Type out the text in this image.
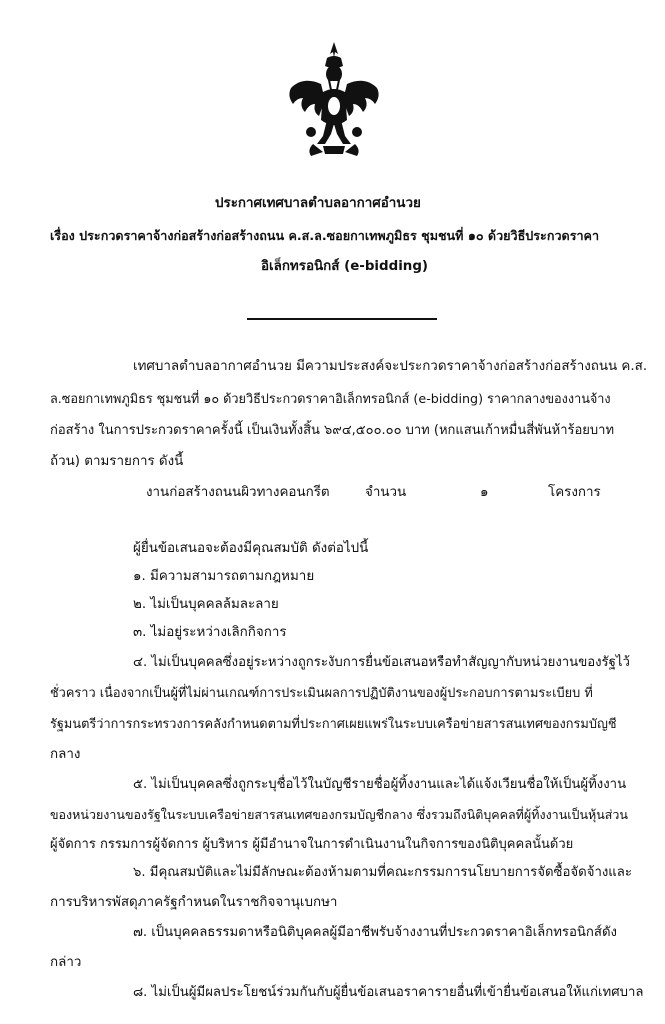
ประกาศเทศบาลตำบลอากาศอำนวย
เรื่อง ประกวดราคาจ้างก่อสร้างก่อสร้างถนน ค.ส.ล.ซอยกาเทพภูมิธร ชุมชนที่ ๑๐ ด้วยวิธีประกวดราคา
อิเล็กทรอนิกส์ (e-bidding)
เทศบาลตำบลอากาศอำนวย มีความประสงค์จะประกวดราคาจ้างก่อสร้างก่อสร้างถนน ค.ส.
ล.ซอยกาเทพภูมิธร ชุมชนที่ ๑๐ ด้วยวิธีประกวดราคาอิเล็กทรอนิกส์ (e-bidding) ราคากลางของงานจ้าง
ก่อสร้าง ในการประกวดราคาครั้งนี้ เป็นเงินทั้งสิ้น ๖๙๔,๕๐๐.๐๐ บาท (หกแสนเก้าหมื่นสี่พันห้าร้อยบาท
ถ้วน) ตามรายการ ดังนี้
งานก่อสร้างถนนผิวทางคอนกรีต	จำนวน	๑	โครงการ
ผู้ยื่นข้อเสนอจะต้องมีคุณสมบัติ ดังต่อไปนี้
๑. มีความสามารถตามกฎหมาย
๒. ไม่เป็นบุคคลล้มละลาย
๓. ไม่อยู่ระหว่างเลิกกิจการ
๔. ไม่เป็นบุคคลซึ่งอยู่ระหว่างถูกระงับการยื่นข้อเสนอหรือทำสัญญากับหน่วยงานของรัฐไว้
ชั่วคราว เนื่องจากเป็นผู้ที่ไม่ผ่านเกณฑ์การประเมินผลการปฏิบัติงานของผู้ประกอบการตามระเบียบ ที่
รัฐมนตรีว่าการกระทรวงการคลังกำหนดตามที่ประกาศเผยแพร่ในระบบเครือข่ายสารสนเทศของกรมบัญชี
กลาง
๕. ไม่เป็นบุคคลซึ่งถูกระบุชื่อไว้ในบัญชีรายชื่อผู้ทิ้งงานและได้แจ้งเวียนชื่อให้เป็นผู้ทิ้งงาน
ของหน่วยงานของรัฐในระบบเครือข่ายสารสนเทศของกรมบัญชีกลาง ซึ่งรวมถึงนิติบุคคลที่ผู้ทิ้งงานเป็นหุ้นส่วน
ผู้จัดการ กรรมการผู้จัดการ ผู้บริหาร ผู้มีอำนาจในการดำเนินงานในกิจการของนิติบุคคลนั้นด้วย
๖. มีคุณสมบัติและไม่มีลักษณะต้องห้ามตามที่คณะกรรมการนโยบายการจัดซื้อจัดจ้างและ
การบริหารพัสดุภาครัฐกำหนดในราชกิจจานุเบกษา
๗. เป็นบุคคลธรรมดาหรือนิติบุคคลผู้มีอาชีพรับจ้างงานที่ประกวดราคาอิเล็กทรอนิกส์ดัง
กล่าว
๘. ไม่เป็นผู้มีผลประโยชน์ร่วมกันกับผู้ยื่นข้อเสนอราคารายอื่นที่เข้ายื่นข้อเสนอให้แก่เทศบาล
